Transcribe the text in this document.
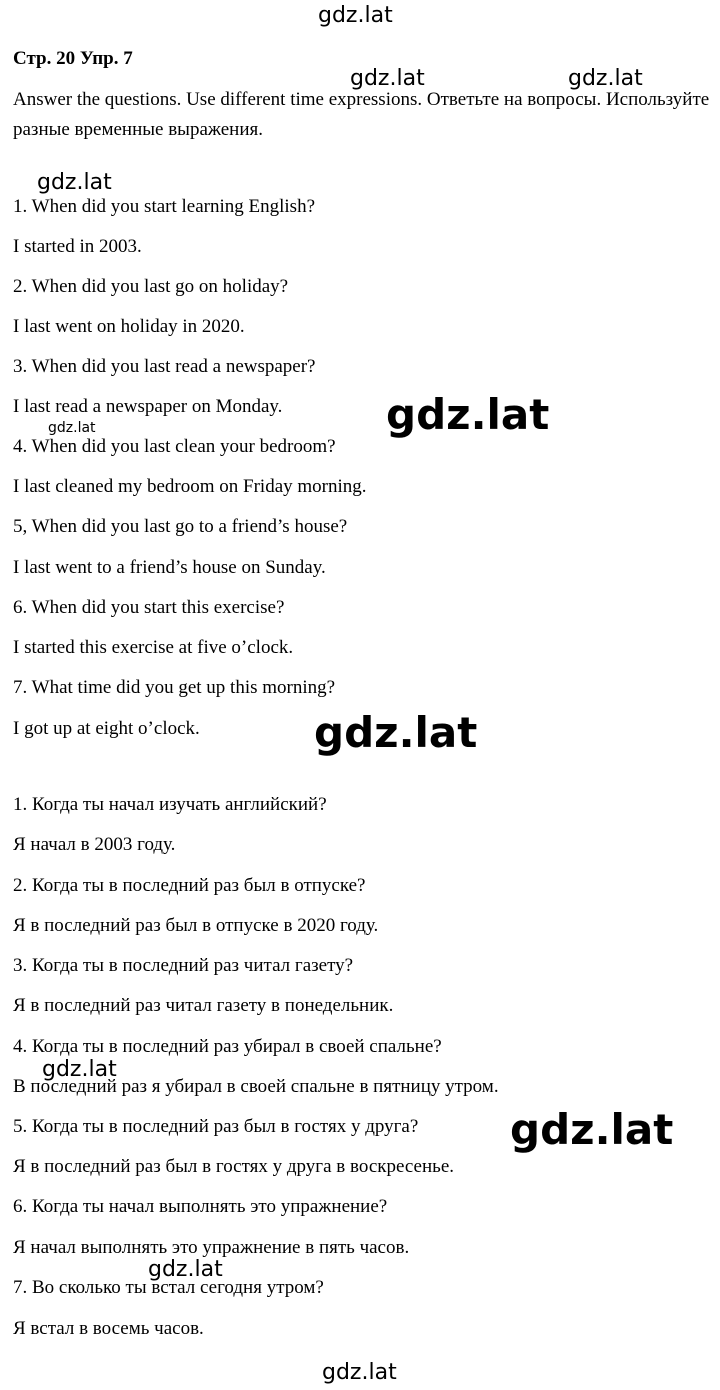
Стр. 20 Упр. 7
Answer the questions. Use different time expressions. Ответьте на вопросы. Используйте разные временные выражения.
1. When did you start learning English?
I started in 2003.
2. When did you last go on holiday?
I last went on holiday in 2020.
3. When did you last read a newspaper?
I last read a newspaper on Monday.
4. When did you last clean your bedroom?
I last cleaned my bedroom on Friday morning.
5, When did you last go to a friend’s house?
I last went to a friend’s house on Sunday.
6. When did you start this exercise?
I started this exercise at five o’clock.
7. What time did you get up this morning?
I got up at eight o’clock.
1. Когда ты начал изучать английский?
Я начал в 2003 году.
2. Когда ты в последний раз был в отпуске?
Я в последний раз был в отпуске в 2020 году.
3. Когда ты в последний раз читал газету?
Я в последний раз читал газету в понедельник.
4. Когда ты в последний раз убирал в своей спальне?
В последний раз я убирал в своей спальне в пятницу утром.
5. Когда ты в последний раз был в гостях у друга?
Я в последний раз был в гостях у друга в воскресенье.
6. Когда ты начал выполнять это упражнение?
Я начал выполнять это упражнение в пять часов.
7. Во сколько ты встал сегодня утром?
Я встал в восемь часов.
gdz.lat
gdz.lat	gdz.lat
gdz.lat
gdz.lat
gdz.lat
gdz.lat
gdz.lat
gdz.lat
gdz.lat
gdz.lat
